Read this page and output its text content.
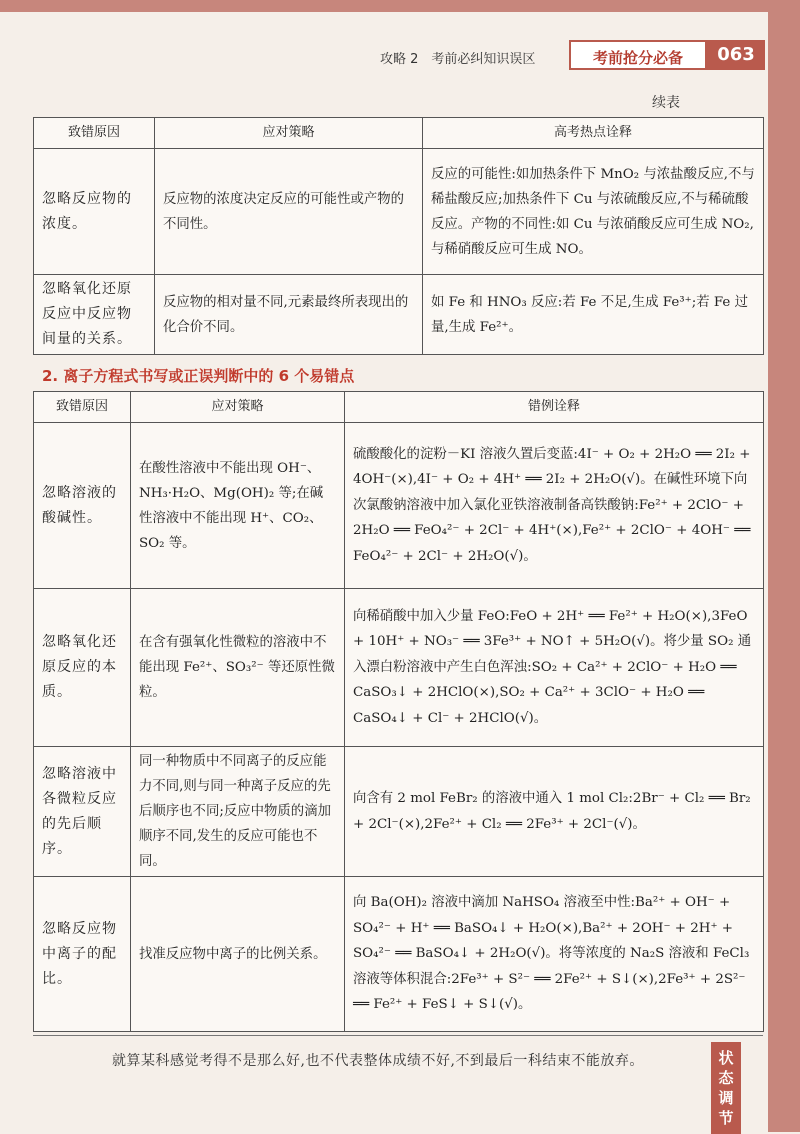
攻略 2　考前必纠知识误区	考前抢分必备	063
续表
致错原因	应对策略	高考热点诠释
忽略反应物的浓度。	反应物的浓度决定反应的可能性或产物的不同性。	反应的可能性:如加热条件下 MnO₂ 与浓盐酸反应,不与稀盐酸反应;加热条件下 Cu 与浓硫酸反应,不与稀硫酸反应。产物的不同性:如 Cu 与浓硝酸反应可生成 NO₂,与稀硝酸反应可生成 NO。
忽略氧化还原反应中反应物间量的关系。	反应物的相对量不同,元素最终所表现出的化合价不同。	如 Fe 和 HNO₃ 反应:若 Fe 不足,生成 Fe³⁺;若 Fe 过量,生成 Fe²⁺。
2. 离子方程式书写或正误判断中的 6 个易错点
致错原因	应对策略	错例诠释
忽略溶液的酸碱性。	在酸性溶液中不能出现 OH⁻、NH₃·H₂O、Mg(OH)₂ 等;在碱性溶液中不能出现 H⁺、CO₂、SO₂ 等。	硫酸酸化的淀粉－KI 溶液久置后变蓝:4I⁻ + O₂ + 2H₂O ══ 2I₂ + 4OH⁻(×),4I⁻ + O₂ + 4H⁺ ══ 2I₂ + 2H₂O(√)。在碱性环境下向次氯酸钠溶液中加入氯化亚铁溶液制备高铁酸钠:Fe²⁺ + 2ClO⁻ + 2H₂O ══ FeO₄²⁻ + 2Cl⁻ + 4H⁺(×),Fe²⁺ + 2ClO⁻ + 4OH⁻ ══ FeO₄²⁻ + 2Cl⁻ + 2H₂O(√)。
忽略氧化还原反应的本质。	在含有强氧化性微粒的溶液中不能出现 Fe²⁺、SO₃²⁻ 等还原性微粒。	向稀硝酸中加入少量 FeO:FeO + 2H⁺ ══ Fe²⁺ + H₂O(×),3FeO + 10H⁺ + NO₃⁻ ══ 3Fe³⁺ + NO↑ + 5H₂O(√)。将少量 SO₂ 通入漂白粉溶液中产生白色浑浊:SO₂ + Ca²⁺ + 2ClO⁻ + H₂O ══ CaSO₃↓ + 2HClO(×),SO₂ + Ca²⁺ + 3ClO⁻ + H₂O ══ CaSO₄↓ + Cl⁻ + 2HClO(√)。
忽略溶液中各微粒反应的先后顺序。	同一种物质中不同离子的反应能力不同,则与同一种离子反应的先后顺序也不同;反应中物质的滴加顺序不同,发生的反应可能也不同。	向含有 2 mol FeBr₂ 的溶液中通入 1 mol Cl₂:2Br⁻ + Cl₂ ══ Br₂ + 2Cl⁻(×),2Fe²⁺ + Cl₂ ══ 2Fe³⁺ + 2Cl⁻(√)。
忽略反应物中离子的配比。	找准反应物中离子的比例关系。	向 Ba(OH)₂ 溶液中滴加 NaHSO₄ 溶液至中性:Ba²⁺ + OH⁻ + SO₄²⁻ + H⁺ ══ BaSO₄↓ + H₂O(×),Ba²⁺ + 2OH⁻ + 2H⁺ + SO₄²⁻ ══ BaSO₄↓ + 2H₂O(√)。将等浓度的 Na₂S 溶液和 FeCl₃ 溶液等体积混合:2Fe³⁺ + S²⁻ ══ 2Fe²⁺ + S↓(×),2Fe³⁺ + 2S²⁻ ══ Fe²⁺ + FeS↓ + S↓(√)。
就算某科感觉考得不是那么好,也不代表整体成绩不好,不到最后一科结束不能放弃。	状
态
调
节
